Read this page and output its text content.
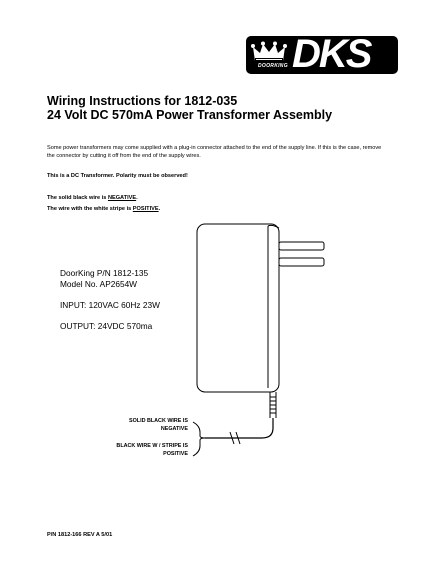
DKS
DOORKING

Wiring Instructions for 1812-035

24 Volt DC 570mA Power Transformer Assembly

Some power transformers may come supplied with a plug-in connector attached to the end of the supply line. If this is the case, remove the connector by cutting it off from the end of the supply wires.

This is a DC Transformer. Polarity must be observed!

The solid black wire is NEGATIVE.

The wire with the white stripe is POSITIVE.

DoorKing P/N 1812-135
Model No. AP2654W
INPUT: 120VAC 60Hz 23W
OUTPUT: 24VDC 570ma
SOLID BLACK WIRE IS
NEGATIVE
BLACK WIRE W / STRIPE IS
POSITIVE
P/N 1812-166 REV A 5/01
